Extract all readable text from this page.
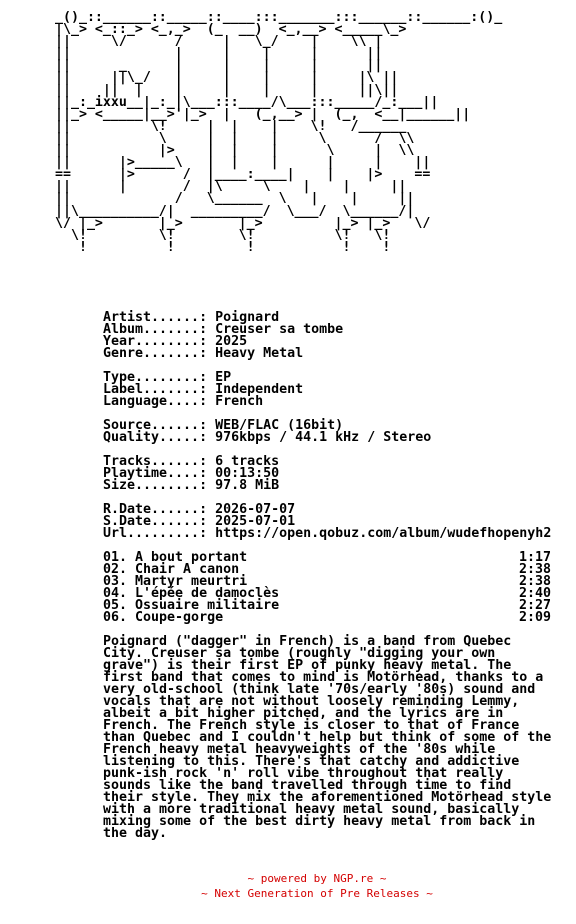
_()_::______::_____::____:::_______:::______::______:()_
|\_> <_::_> <_,_>  (_  __)  <_,__> <_____\_>
||     \/      /     |   \_/    |    \\ |
||             |     |    |     |      ||
||      _      |     |    |     |      ||
||     ||\_/   |     |    |     |     |\ ||
||    ||  |    |     |    |     |     ||\||
||_:_ixxu__|_:_|\___:::____/\___:::_____/_:___||
||_> <_____|__>'|_>  |   (_,__> |  (_,  <__|______||
||          \!     |  |    |    \!   /______
||           \     |  |    |     \      /  \\
||           |>    |  |    |      \     |  \\
||      |>_____\   |  |    |      |     |    ||
==      |>      /  |____:____|    |    |>    ==
||      |       /  |\     \    |    |     ||
||             /   \______  \   |    |     ||
||\__________/|  _________/  \___/  \______/|
\/ |_>       |_>       |_>         |_> |_>   \/
\!         \!        \!          \!   \!
!          !         !           !    !
Artist......: Poignard
Album.......: Creuser sa tombe
Year........: 2025
Genre.......: Heavy Metal
Type........: EP
Label.......: Independent
Language....: French
Source......: WEB/FLAC (16bit)
Quality.....: 976kbps / 44.1 kHz / Stereo
Tracks......: 6 tracks
Playtime....: 00:13:50
Size........: 97.8 MiB
R.Date......: 2026-07-07
S.Date......: 2025-07-01
Url.........: https://open.qobuz.com/album/wudefhopenyh2
01. A bout portant	1:17
02. Chair A canon	2:38
03. Martyr meurtri	2:38
04. L'épée de damoclès	2:40
05. Ossuaire militaire	2:27
06. Coupe-gorge	2:09
Poignard ("dagger" in French) is a band from Quebec
City. Creuser sa tombe (roughly "digging your own
grave") is their first EP of punky heavy metal. The
first band that comes to mind is Motörhead, thanks to a
very old-school (think late '70s/early '80s) sound and
vocals that are not without loosely reminding Lemmy,
albeit a bit higher pitched, and the lyrics are in
French. The French style is closer to that of France
than Quebec and I couldn't help but think of some of the
French heavy metal heavyweights of the '80s while
listening to this. There's that catchy and addictive
punk-ish rock 'n' roll vibe throughout that really
sounds like the band travelled through time to find
their style. They mix the aforementioned Motörhead style
with a more traditional heavy metal sound, basically
mixing some of the best dirty heavy metal from back in
the day.
~ powered by NGP.re ~
~ Next Generation of Pre Releases ~
